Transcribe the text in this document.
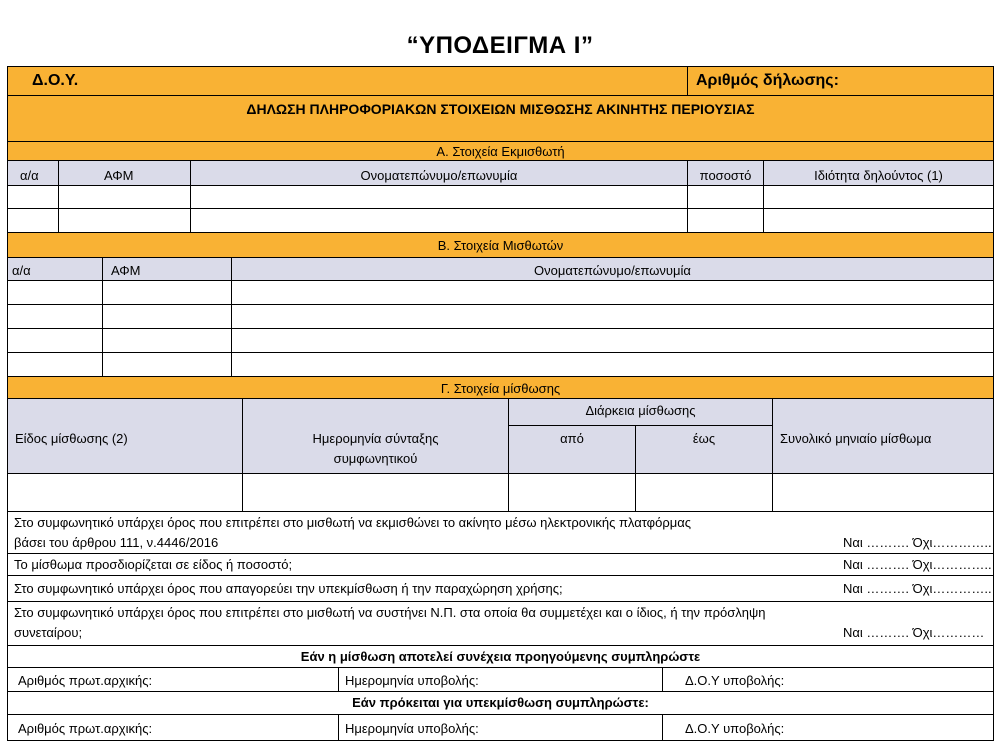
“ΥΠΟΔΕΙΓΜΑ Ι”
Δ.Ο.Υ.	Αριθμός δήλωσης:
ΔΗΛΩΣΗ ΠΛΗΡΟΦΟΡΙΑΚΩΝ ΣΤΟΙΧΕΙΩΝ ΜΙΣΘΩΣΗΣ ΑΚΙΝΗΤΗΣ ΠΕΡΙΟΥΣΙΑΣ
Α. Στοιχεία Εκμισθωτή
α/α	ΑΦΜ	Ονοματεπώνυμο/επωνυμία	ποσοστό	Ιδιότητα δηλούντος (1)
Β. Στοιχεία Μισθωτών
α/α	ΑΦΜ	Ονοματεπώνυμο/επωνυμία
Γ. Στοιχεία μίσθωσης
Είδος μίσθωσης (2)	Ημερομηνία σύνταξης
συμφωνητικού
Διάρκεια μίσθωσης
από	έως	Συνολικό μηνιαίο μίσθωμα
Στο συμφωνητικό υπάρχει όρος που επιτρέπει στο μισθωτή να εκμισθώνει το ακίνητο μέσω ηλεκτρονικής πλατφόρμας
βάσει του άρθρου 111, ν.4446/2016	Ναι ………. Όχι…………..
Το μίσθωμα προσδιορίζεται σε είδος ή ποσοστό;	Ναι ………. Όχι…………..
Στο συμφωνητικό υπάρχει όρος που απαγορεύει την υπεκμίσθωση ή την παραχώρηση χρήσης;	Ναι ………. Όχι…………..
Στο συμφωνητικό υπάρχει όρος που επιτρέπει στο μισθωτή να συστήνει Ν.Π. στα οποία θα συμμετέχει και ο ίδιος, ή την πρόσληψη
συνεταίρου;	Ναι ………. Όχι…………
Εάν η μίσθωση αποτελεί συνέχεια προηγούμενης συμπληρώστε
Αριθμός πρωτ.αρχικής:	Ημερομηνία υποβολής:	Δ.Ο.Υ υποβολής:
Εάν πρόκειται για υπεκμίσθωση συμπληρώστε:
Αριθμός πρωτ.αρχικής:	Ημερομηνία υποβολής:	Δ.Ο.Υ υποβολής:
